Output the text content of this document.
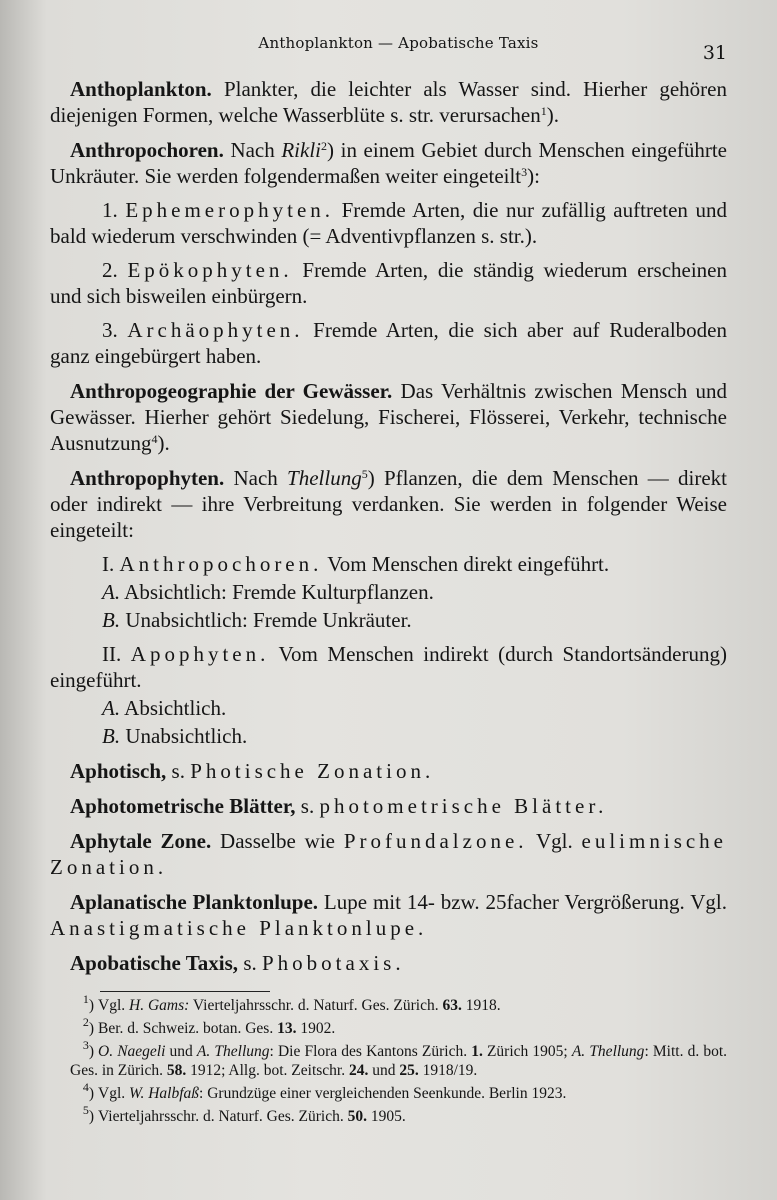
Anthoplankton — Apobatische Taxis	31

Anthoplankton. Plankter, die leichter als Wasser sind. Hierher gehören diejenigen Formen, welche Wasserblüte s. str. verursachen$^1$).

Anthropochoren. Nach Rikli$^2$) in einem Gebiet durch Menschen eingeführte Unkräuter. Sie werden folgendermaßen weiter eingeteilt$^3$):

1. Ephemerophyten. Fremde Arten, die nur zufällig auftreten und bald wiederum verschwinden (= Adventivpflanzen s. str.).

2. Epökophyten. Fremde Arten, die ständig wiederum erscheinen und sich bisweilen einbürgern.

3. Archäophyten. Fremde Arten, die sich aber auf Ruderalboden ganz eingebürgert haben.

Anthropogeographie der Gewässer. Das Verhältnis zwischen Mensch und Gewässer. Hierher gehört Siedelung, Fischerei, Flösserei, Verkehr, technische Ausnutzung$^4$).

Anthropophyten. Nach Thellung$^5$) Pflanzen, die dem Menschen — direkt oder indirekt — ihre Verbreitung verdanken. Sie werden in folgender Weise eingeteilt:

I. Anthropochoren. Vom Menschen direkt eingeführt.

A. Absichtlich: Fremde Kulturpflanzen.

B. Unabsichtlich: Fremde Unkräuter.

II. Apophyten. Vom Menschen indirekt (durch Standortsänderung) eingeführt.

A. Absichtlich.

B. Unabsichtlich.

Aphotisch, s. Photische Zonation.

Aphotometrische Blätter, s. photometrische Blätter.

Aphytale Zone. Dasselbe wie Profundalzone. Vgl. eulimnische Zonation.

Aplanatische Planktonlupe. Lupe mit 14- bzw. 25facher Vergrößerung. Vgl. Anastigmatische Planktonlupe.

Apobatische Taxis, s. Phobotaxis.

$^1$) Vgl. H. Gams: Vierteljahrsschr. d. Naturf. Ges. Zürich. 63. 1918.

$^2$) Ber. d. Schweiz. botan. Ges. 13. 1902.

$^3$) O. Naegeli und A. Thellung: Die Flora des Kantons Zürich. 1. Zürich 1905; A. Thellung: Mitt. d. bot. Ges. in Zürich. 58. 1912; Allg. bot. Zeitschr. 24. und 25. 1918/19.

$^4$) Vgl. W. Halbfaß: Grundzüge einer vergleichenden Seenkunde. Berlin 1923.

$^5$) Vierteljahrsschr. d. Naturf. Ges. Zürich. 50. 1905.
